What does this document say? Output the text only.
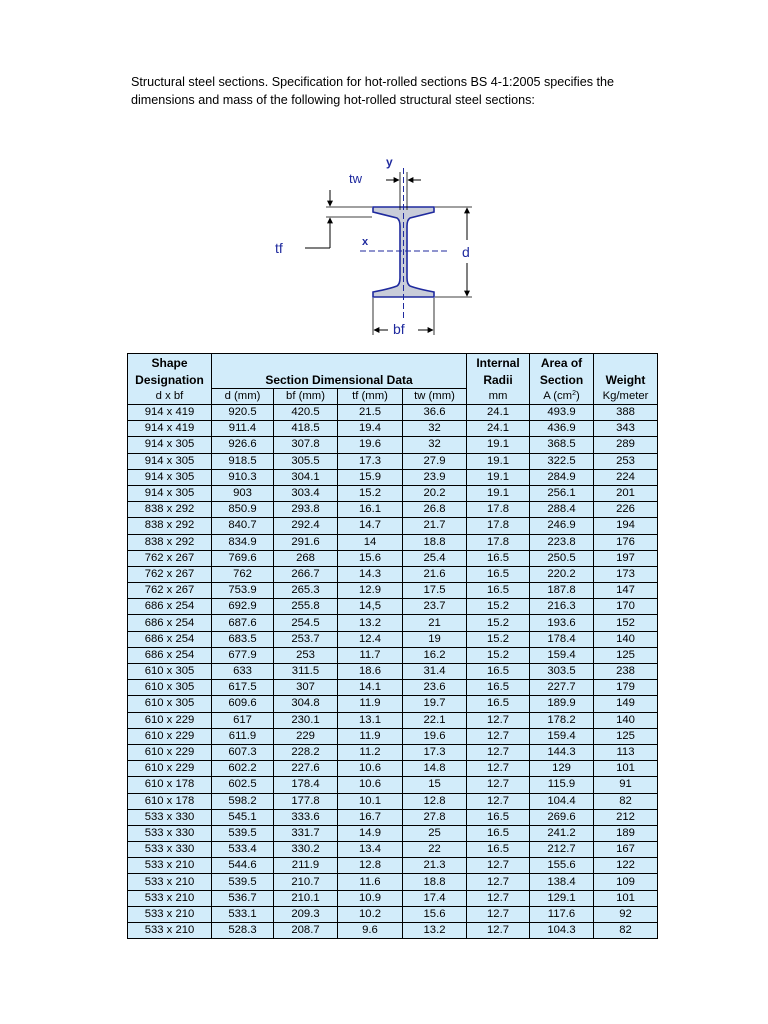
Structural steel sections. Specification for hot-rolled sections BS 4-1:2005 specifies the
dimensions and mass of the following hot-rolled structural steel sections:
y
tw
x
tf	d
bf
Shape					Internal	Area of	
Designation	Section Dimensional Data				Radii	Section	Weight
d x bf	d (mm)	bf (mm)	tf (mm)	tw (mm)	mm	A $(cm^2)$	Kg/meter
914 x 419	920.5	420.5	21.5	36.6	24.1	493.9	388
914 x 419	911.4	418.5	19.4	32	24.1	436.9	343
914 x 305	926.6	307.8	19.6	32	19.1	368.5	289
914 x 305	918.5	305.5	17.3	27.9	19.1	322.5	253
914 x 305	910.3	304.1	15.9	23.9	19.1	284.9	224
914 x 305	903	303.4	15.2	20.2	19.1	256.1	201
838 x 292	850.9	293.8	16.1	26.8	17.8	288.4	226
838 x 292	840.7	292.4	14.7	21.7	17.8	246.9	194
838 x 292	834.9	291.6	14	18.8	17.8	223.8	176
762 x 267	769.6	268	15.6	25.4	16.5	250.5	197
762 x 267	762	266.7	14.3	21.6	16.5	220.2	173
762 x 267	753.9	265.3	12.9	17.5	16.5	187.8	147
686 x 254	692.9	255.8	14,5	23.7	15.2	216.3	170
686 x 254	687.6	254.5	13.2	21	15.2	193.6	152
686 x 254	683.5	253.7	12.4	19	15.2	178.4	140
686 x 254	677.9	253	11.7	16.2	15.2	159.4	125
610 x 305	633	311.5	18.6	31.4	16.5	303.5	238
610 x 305	617.5	307	14.1	23.6	16.5	227.7	179
610 x 305	609.6	304.8	11.9	19.7	16.5	189.9	149
610 x 229	617	230.1	13.1	22.1	12.7	178.2	140
610 x 229	611.9	229	11.9	19.6	12.7	159.4	125
610 x 229	607.3	228.2	11.2	17.3	12.7	144.3	113
610 x 229	602.2	227.6	10.6	14.8	12.7	129	101
610 x 178	602.5	178.4	10.6	15	12.7	115.9	91
610 x 178	598.2	177.8	10.1	12.8	12.7	104.4	82
533 x 330	545.1	333.6	16.7	27.8	16.5	269.6	212
533 x 330	539.5	331.7	14.9	25	16.5	241.2	189
533 x 330	533.4	330.2	13.4	22	16.5	212.7	167
533 x 210	544.6	211.9	12.8	21.3	12.7	155.6	122
533 x 210	539.5	210.7	11.6	18.8	12.7	138.4	109
533 x 210	536.7	210.1	10.9	17.4	12.7	129.1	101
533 x 210	533.1	209.3	10.2	15.6	12.7	117.6	92
533 x 210	528.3	208.7	9.6	13.2	12.7	104.3	82
